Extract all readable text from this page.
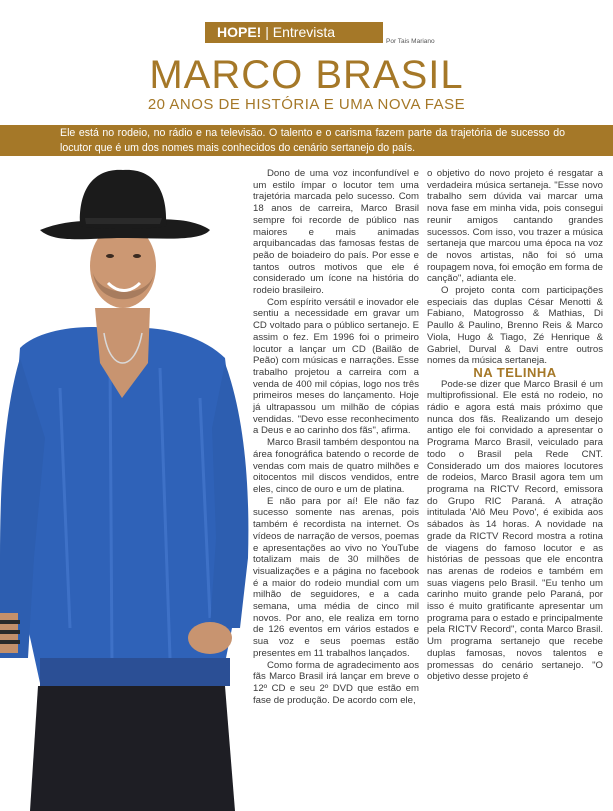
HOPE! | Entrevista
Por Tais Mariano
MARCO BRASIL
20 ANOS DE HISTÓRIA E UMA NOVA FASE
Ele está no rodeio, no rádio e na televisão. O talento e o carisma fazem parte da trajetória de sucesso do locutor que é um dos nomes mais conhecidos do cenário sertanejo do país.

Dono de uma voz inconfundível e um estilo ímpar o locutor tem uma trajetória marcada pelo sucesso. Com 18 anos de carreira, Marco Brasil sempre foi recorde de público nas maiores e mais animadas arquibancadas das famosas festas de peão de boiadeiro do país. Por esse e tantos outros motivos que ele é considerado um ícone na história do rodeio brasileiro.

Com espírito versátil e inovador ele sentiu a necessidade em gravar um CD voltado para o público sertanejo. E assim o fez. Em 1996 foi o primeiro locutor a lançar um CD (Bailão de Peão) com músicas e narrações. Esse trabalho projetou a carreira com a venda de 400 mil cópias, logo nos três primeiros meses do lançamento. Hoje já ultrapassou um milhão de cópias vendidas. "Devo esse reconhecimento a Deus e ao carinho dos fãs", afirma.

Marco Brasil também despontou na área fonográfica batendo o recorde de vendas com mais de quatro milhões e oitocentos mil discos vendidos, entre eles, cinco de ouro e um de platina.

E não para por aí! Ele não faz sucesso somente nas arenas, pois também é recordista na internet. Os vídeos de narração de versos, poemas e apresentações ao vivo no YouTube totalizam mais de 30 milhões de visualizações e a página no facebook é a maior do rodeio mundial com um milhão de seguidores, e a cada semana, uma média de cinco mil novos. Por ano, ele realiza em torno de 126 eventos em vários estados e sua voz e seus poemas estão presentes em 11 trabalhos lançados.

Como forma de agradecimento aos fãs Marco Brasil irá lançar em breve o 12º CD e seu 2º DVD que estão em fase de produção. De acordo com ele,

o objetivo do novo projeto é resgatar a verdadeira música sertaneja. "Esse novo trabalho sem dúvida vai marcar uma nova fase em minha vida, pois consegui reunir amigos cantando grandes sucessos. Com isso, vou trazer a música sertaneja que marcou uma época na voz de novos artistas, não foi só uma roupagem nova, foi emoção em forma de canção", adianta ele.

O projeto conta com participações especiais das duplas César Menotti & Fabiano, Matogrosso & Mathias, Di Paullo & Paulino, Brenno Reis & Marco Viola, Hugo & Tiago, Zé Henrique & Gabriel, Durval & Davi entre outros nomes da música sertaneja.

NA TELINHA

Pode-se dizer que Marco Brasil é um multiprofissional. Ele está no rodeio, no rádio e agora está mais próximo que nunca dos fãs. Realizando um desejo antigo ele foi convidado a apresentar o Programa Marco Brasil, veiculado para todo o Brasil pela Rede CNT. Considerado um dos maiores locutores de rodeios, Marco Brasil agora tem um programa na RICTV Record, emissora do Grupo RIC Paraná. A atração intitulada 'Alô Meu Povo', é exibida aos sábados às 14 horas. A novidade na grade da RICTV Record mostra a rotina de viagens do famoso locutor e as histórias de pessoas que ele encontra nas arenas de rodeios e também em suas viagens pelo Brasil. "Eu tenho um carinho muito grande pelo Paraná, por isso é muito gratificante apresentar um programa para o estado e principalmente pela RICTV Record", conta Marco Brasil. Um programa sertanejo que recebe duplas famosas, novos talentos e promessas do cenário sertanejo. "O objetivo desse projeto é
